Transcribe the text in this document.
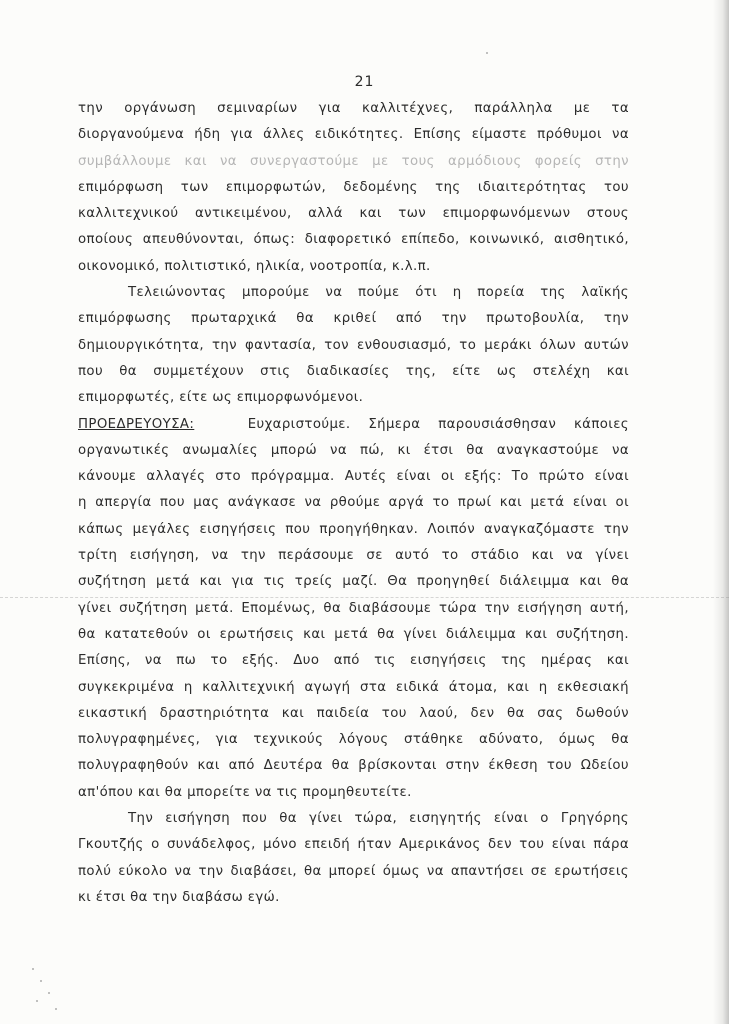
21
την οργάνωση σεμιναρίων για καλλιτέχνες, παράλληλα με τα
διοργανούμενα ήδη για άλλες ειδικότητες. Επίσης είμαστε πρόθυμοι να
συμβάλλουμε και να συνεργαστούμε με τους αρμόδιους φορείς στην
επιμόρφωση των επιμορφωτών, δεδομένης της ιδιαιτερότητας του
καλλιτεχνικού αντικειμένου, αλλά και των επιμορφωνόμενων στους
οποίους απευθύνονται, όπως: διαφορετικό επίπεδο, κοινωνικό, αισθητικό,
οικονομικό, πολιτιστικό, ηλικία, νοοτροπία, κ.λ.π.
Τελειώνοντας μπορούμε να πούμε ότι η πορεία της λαϊκής
επιμόρφωσης πρωταρχικά θα κριθεί από την πρωτοβουλία, την
δημιουργικότητα, την φαντασία, τον ενθουσιασμό, το μεράκι όλων αυτών
που θα συμμετέχουν στις διαδικασίες της, είτε ως στελέχη και
επιμορφωτές, είτε ως επιμορφωνόμενοι.
ΠΡΟΕΔΡΕΥΟΥΣΑ:	Ευχαριστούμε. Σήμερα παρουσιάσθησαν κάποιες
οργανωτικές ανωμαλίες μπορώ να πώ, κι έτσι θα αναγκαστούμε να
κάνουμε αλλαγές στο πρόγραμμα. Αυτές είναι οι εξής: Το πρώτο είναι
η απεργία που μας ανάγκασε να ρθούμε αργά το πρωί και μετά είναι οι
κάπως μεγάλες εισηγήσεις που προηγήθηκαν. Λοιπόν αναγκαζόμαστε την
τρίτη εισήγηση, να την περάσουμε σε αυτό το στάδιο και να γίνει
συζήτηση μετά και για τις τρείς μαζί. Θα προηγηθεί διάλειμμα και θα
γίνει συζήτηση μετά. Επομένως, θα διαβάσουμε τώρα την εισήγηση αυτή,
θα κατατεθούν οι ερωτήσεις και μετά θα γίνει διάλειμμα και συζήτηση.
Επίσης, να πω το εξής. Δυο από τις εισηγήσεις της ημέρας και
συγκεκριμένα η καλλιτεχνική αγωγή στα ειδικά άτομα, και η εκθεσιακή
εικαστική δραστηριότητα και παιδεία του λαού, δεν θα σας δωθούν
πολυγραφημένες, για τεχνικούς λόγους στάθηκε αδύνατο, όμως θα
πολυγραφηθούν και από Δευτέρα θα βρίσκονται στην έκθεση του Ωδείου
απ'όπου και θα μπορείτε να τις προμηθευτείτε.
Την εισήγηση που θα γίνει τώρα, εισηγητής είναι ο Γρηγόρης
Γκουτζής ο συνάδελφος, μόνο επειδή ήταν Αμερικάνος δεν του είναι πάρα
πολύ εύκολο να την διαβάσει, θα μπορεί όμως να απαντήσει σε ερωτήσεις
κι έτσι θα την διαβάσω εγώ.
